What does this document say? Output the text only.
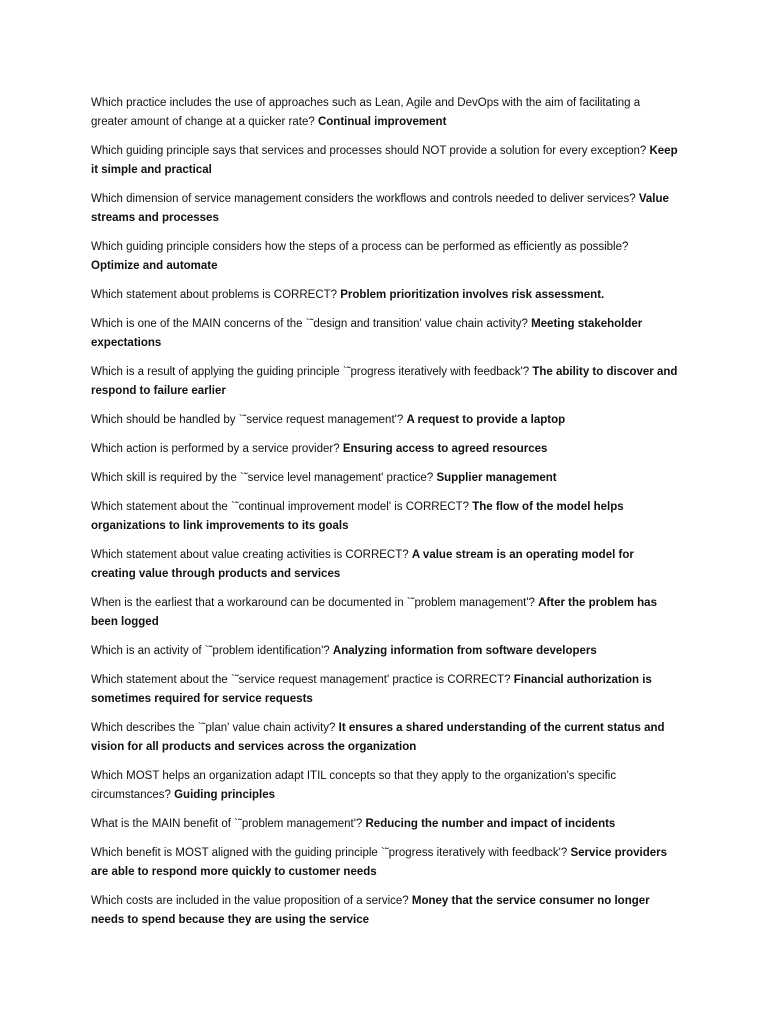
Which practice includes the use of approaches such as Lean, Agile and DevOps with the aim of facilitating a greater amount of change at a quicker rate? Continual improvement

Which guiding principle says that services and processes should NOT provide a solution for every exception? Keep it simple and practical

Which dimension of service management considers the workflows and controls needed to deliver services? Value streams and processes

Which guiding principle considers how the steps of a process can be performed as efficiently as possible? Optimize and automate

Which statement about problems is CORRECT? Problem prioritization involves risk assessment.

Which is one of the MAIN concerns of the `˜design and transition' value chain activity? Meeting stakeholder expectations

Which is a result of applying the guiding principle `˜progress iteratively with feedback'? The ability to discover and respond to failure earlier

Which should be handled by `˜service request management'? A request to provide a laptop

Which action is performed by a service provider? Ensuring access to agreed resources

Which skill is required by the `˜service level management' practice? Supplier management

Which statement about the `˜continual improvement model' is CORRECT? The flow of the model helps organizations to link improvements to its goals

Which statement about value creating activities is CORRECT? A value stream is an operating model for creating value through products and services

When is the earliest that a workaround can be documented in `˜problem management'? After the problem has been logged

Which is an activity of `˜problem identification'? Analyzing information from software developers

Which statement about the `˜service request management' practice is CORRECT? Financial authorization is sometimes required for service requests

Which describes the `˜plan' value chain activity? It ensures a shared understanding of the current status and vision for all products and services across the organization

Which MOST helps an organization adapt ITIL concepts so that they apply to the organization's specific circumstances? Guiding principles

What is the MAIN benefit of `˜problem management'? Reducing the number and impact of incidents

Which benefit is MOST aligned with the guiding principle `˜progress iteratively with feedback'? Service providers are able to respond more quickly to customer needs

Which costs are included in the value proposition of a service? Money that the service consumer no longer needs to spend because they are using the service
